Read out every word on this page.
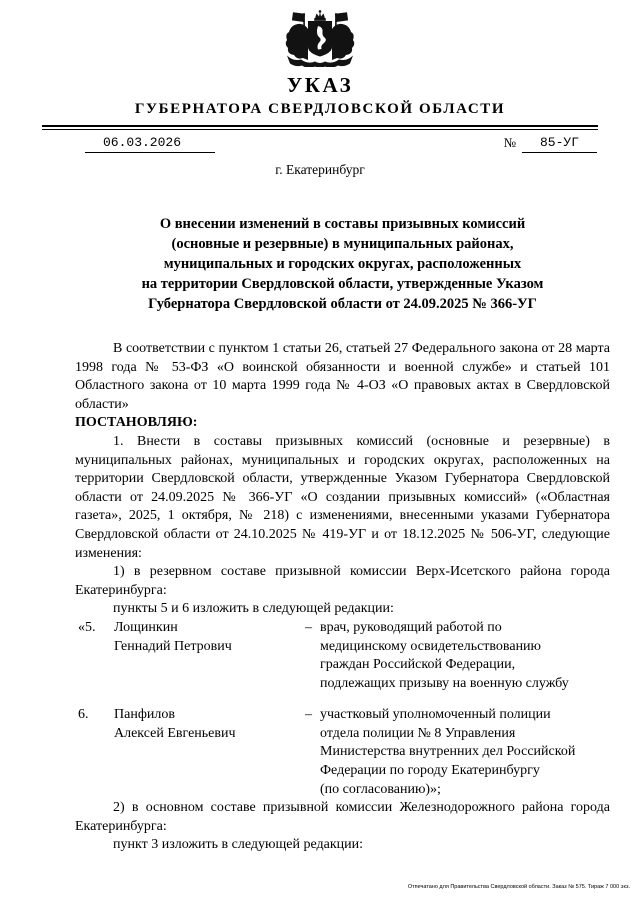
УКАЗ
ГУБЕРНАТОРА СВЕРДЛОВСКОЙ ОБЛАСТИ
06.03.2026	№	85-УГ
г. Екатеринбург
О внесении изменений в составы призывных комиссий
(основные и резервные) в муниципальных районах,
муниципальных и городских округах, расположенных
на территории Свердловской области, утвержденные Указом
Губернатора Свердловской области от 24.09.2025 № 366-УГ

В соответствии с пунктом 1 статьи 26, статьей 27 Федерального закона от 28 марта 1998 года № 53-ФЗ «О воинской обязанности и военной службе» и статьей 101 Областного закона от 10 марта 1999 года № 4-ОЗ «О правовых актах в Свердловской области»

ПОСТАНОВЛЯЮ:

1. Внести в составы призывных комиссий (основные и резервные) в муниципальных районах, муниципальных и городских округах, расположенных на территории Свердловской области, утвержденные Указом Губернатора Свердловской области от 24.09.2025 № 366-УГ «О создании призывных комиссий» («Областная газета», 2025, 1 октября, № 218) с изменениями, внесенными указами Губернатора Свердловской области от 24.10.2025 № 419-УГ и от 18.12.2025 № 506-УГ, следующие изменения:

1) в резервном составе призывной комиссии Верх-Исетского района города Екатеринбурга:

пункты 5 и 6 изложить в следующей редакции:

«5.	Лощинкин
Геннадий Петрович
– врач, руководящий работой по
медицинскому освидетельствованию
граждан Российской Федерации,
подлежащих призыву на военную службу
6.	Панфилов
Алексей Евгеньевич
– участковый уполномоченный полиции
отдела полиции № 8 Управления
Министерства внутренних дел Российской
Федерации по городу Екатеринбургу
(по согласованию)»;

2) в основном составе призывной комиссии Железнодорожного района города Екатеринбурга:

пункт 3 изложить в следующей редакции:

Отпечатано для Правительства Свердловской области. Заказ № 575. Тираж 7 000 экз.
